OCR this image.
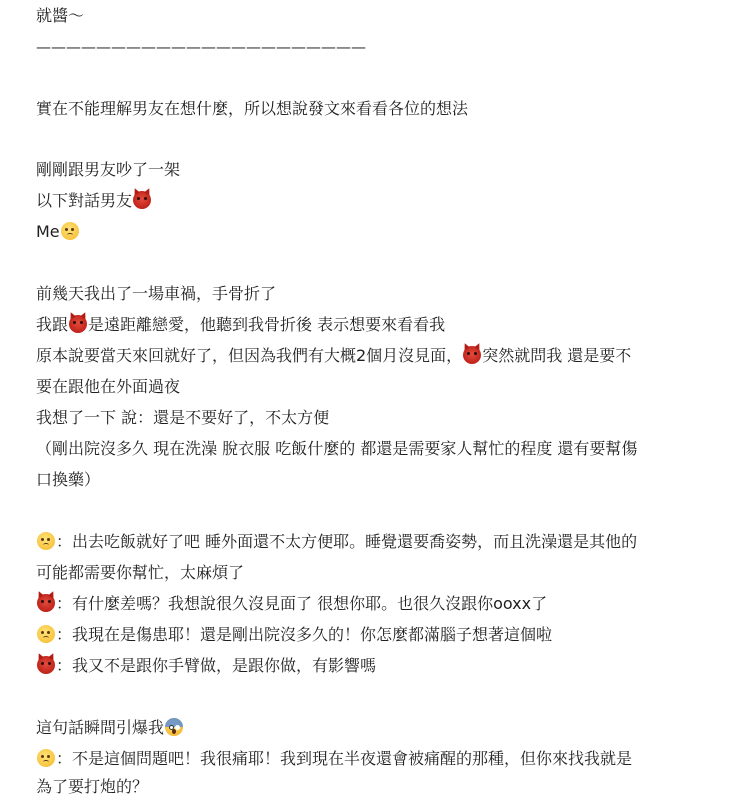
就醬～
——————————————————————
實在不能理解男友在想什麼，所以想說發文來看看各位的想法
剛剛跟男友吵了一架
以下對話男友
Me
前幾天我出了一場車禍，手骨折了
我跟 是遠距離戀愛，他聽到我骨折後 表示想要來看看我
原本說要當天來回就好了，但因為我們有大概2個月沒見面， 突然就問我 還是要不
要在跟他在外面過夜
我想了一下 說：還是不要好了，不太方便
（剛出院沒多久 現在洗澡 脫衣服 吃飯什麼的 都還是需要家人幫忙的程度 還有要幫傷
口換藥）
：出去吃飯就好了吧 睡外面還不太方便耶。睡覺還要喬姿勢，而且洗澡還是其他的
可能都需要你幫忙，太麻煩了
：有什麼差嗎？我想說很久沒見面了 很想你耶。也很久沒跟你ooxx了
：我現在是傷患耶！還是剛出院沒多久的！你怎麼都滿腦子想著這個啦
：我又不是跟你手臂做，是跟你做，有影響嗎
這句話瞬間引爆我
：不是這個問題吧！我很痛耶！我到現在半夜還會被痛醒的那種，但你來找我就是
為了要打炮的？
